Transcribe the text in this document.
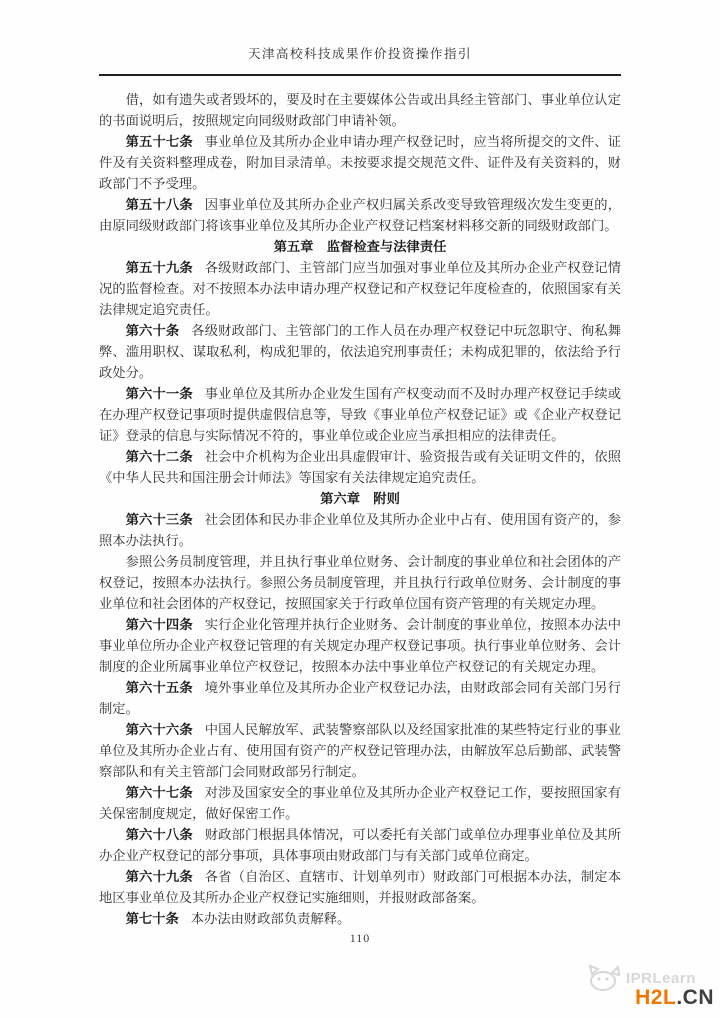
天津高校科技成果作价投资操作指引

借，如有遗失或者毁坏的，要及时在主要媒体公告或出具经主管部门、事业单位认定的书面说明后，按照规定向同级财政部门申请补领。

第五十七条 事业单位及其所办企业申请办理产权登记时，应当将所提交的文件、证件及有关资料整理成卷，附加目录清单。未按要求提交规范文件、证件及有关资料的，财政部门不予受理。

第五十八条 因事业单位及其所办企业产权归属关系改变导致管理级次发生变更的，由原同级财政部门将该事业单位及其所办企业产权登记档案材料移交新的同级财政部门。

第五章　监督检查与法律责任

第五十九条 各级财政部门、主管部门应当加强对事业单位及其所办企业产权登记情况的监督检查。对不按照本办法申请办理产权登记和产权登记年度检查的，依照国家有关法律规定追究责任。

第六十条 各级财政部门、主管部门的工作人员在办理产权登记中玩忽职守、徇私舞弊、滥用职权、谋取私利，构成犯罪的，依法追究刑事责任；未构成犯罪的，依法给予行政处分。

第六十一条 事业单位及其所办企业发生国有产权变动而不及时办理产权登记手续或在办理产权登记事项时提供虚假信息等，导致《事业单位产权登记证》或《企业产权登记证》登录的信息与实际情况不符的，事业单位或企业应当承担相应的法律责任。

第六十二条 社会中介机构为企业出具虚假审计、验资报告或有关证明文件的，依照《中华人民共和国注册会计师法》等国家有关法律规定追究责任。

第六章　附则

第六十三条 社会团体和民办非企业单位及其所办企业中占有、使用国有资产的，参照本办法执行。

参照公务员制度管理，并且执行事业单位财务、会计制度的事业单位和社会团体的产权登记，按照本办法执行。参照公务员制度管理，并且执行行政单位财务、会计制度的事业单位和社会团体的产权登记，按照国家关于行政单位国有资产管理的有关规定办理。

第六十四条 实行企业化管理并执行企业财务、会计制度的事业单位，按照本办法中事业单位所办企业产权登记管理的有关规定办理产权登记事项。执行事业单位财务、会计制度的企业所属事业单位产权登记，按照本办法中事业单位产权登记的有关规定办理。

第六十五条 境外事业单位及其所办企业产权登记办法，由财政部会同有关部门另行制定。

第六十六条 中国人民解放军、武装警察部队以及经国家批准的某些特定行业的事业单位及其所办企业占有、使用国有资产的产权登记管理办法，由解放军总后勤部、武装警察部队和有关主管部门会同财政部另行制定。

第六十七条 对涉及国家安全的事业单位及其所办企业产权登记工作，要按照国家有关保密制度规定，做好保密工作。

第六十八条 财政部门根据具体情况，可以委托有关部门或单位办理事业单位及其所办企业产权登记的部分事项，具体事项由财政部门与有关部门或单位商定。

第六十九条 各省（自治区、直辖市、计划单列市）财政部门可根据本办法，制定本地区事业单位及其所办企业产权登记实施细则，并报财政部备案。

第七十条 本办法由财政部负责解释。

110
IPRLearn
H2L.CN
